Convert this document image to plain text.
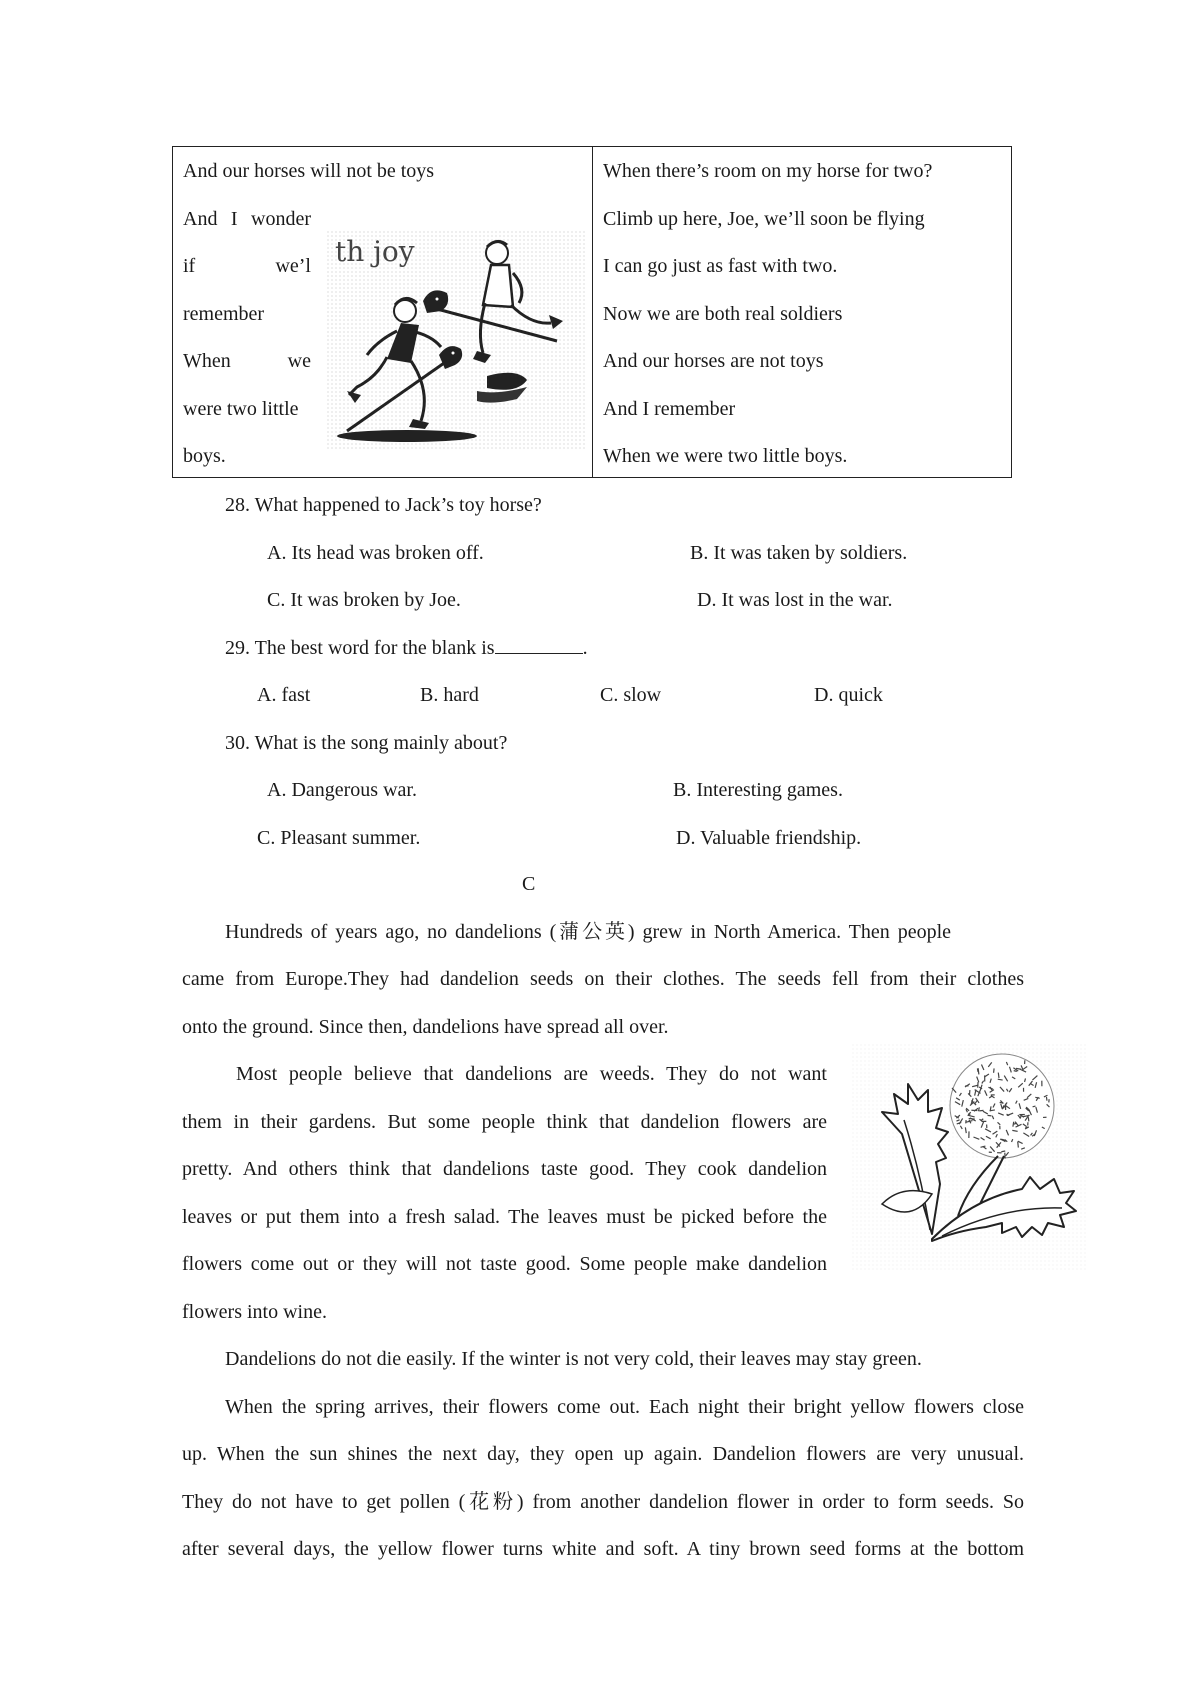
And our horses will not be toys
And I wonder
if	we’l
remember
When	we
were two little
boys.
When there’s room on my horse for two?
Climb up here, Joe, we’ll soon be flying
I can go just as fast with two.
Now we are both real soldiers
And our horses are not toys
And I remember
When we were two little boys.
th joy
28. What happened to Jack’s toy horse?
A. Its head was broken off.	B. It was taken by soldiers.
C. It was broken by Joe.	D. It was lost in the war.
29. The best word for the blank is	.
A. fast	B. hard	C. slow	D. quick
30. What is the song mainly about?
A. Dangerous war.	B. Interesting games.
C. Pleasant summer.	D. Valuable friendship.
C
Hundreds of years ago, no dandelions (蒲公英) grew in North America. Then people
came from Europe.They had dandelion seeds on their clothes. The seeds fell from their clothes
onto the ground. Since then, dandelions have spread all over.
Most people believe that dandelions are weeds. They do not want
them in their gardens. But some people think that dandelion flowers are
pretty. And others think that dandelions taste good. They cook dandelion
leaves or put them into a fresh salad. The leaves must be picked before the
flowers come out or they will not taste good. Some people make dandelion
flowers into wine.
Dandelions do not die easily. If the winter is not very cold, their leaves may stay green.
When the spring arrives, their flowers come out. Each night their bright yellow flowers close
up. When the sun shines the next day, they open up again. Dandelion flowers are very unusual.
They do not have to get pollen (花粉) from another dandelion flower in order to form seeds. So
after several days, the yellow flower turns white and soft. A tiny brown seed forms at the bottom
